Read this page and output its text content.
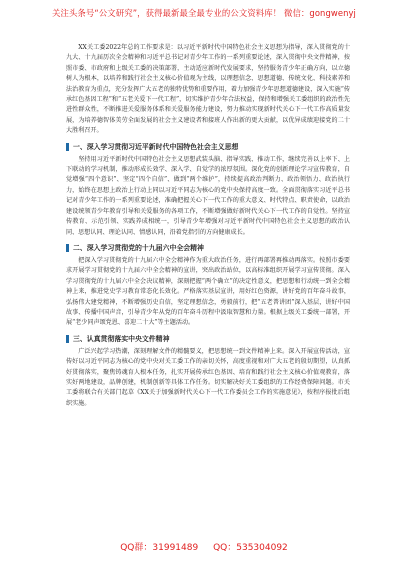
关注头条号“公文研究”，获得最新最全最专业的公文资料库！ 微信：gongwenyj

XX关工委2022年总的工作要求是：以习近平新时代中国特色社会主义思想为指导，深入贯彻党的十九大、十九届历次全会精神和习近平总书记对青少年工作的一系列重要论述，深入贯彻中央文件精神，按照市委、市政府和上级关工委的决策部署，主动适应新时代发展要求，坚持服务青少年正确方向，以立德树人为根本，以培养和践行社会主义核心价值观为主线，以理想信念、思想道德、传统文化、科技素养和法治教育为重点，充分发挥广大五老的独特优势和重要作用，着力加强青少年思想道德建设，深入实施“传承红色基因工程”和“五老关爱下一代工程”，切实维护青少年合法权益，保持和增强关工委组织的政治性先进性群众性，不断推进关爱服务体系和关爱服务能力建设，努力推动实现新时代关心下一代工作高质量发展，为培养德智体美劳全面发展的社会主义建设者和接班人作出新的更大贡献，以优异成绩迎接党的二十大胜利召开。

一、深入学习贯彻习近平新时代中国特色社会主义思想

坚持用习近平新时代中国特色社会主义思想武装头脑、指导实践、推动工作，继续完善以上率下、上下联动的学习机制，推动形成长效学、深入学、自觉学的浓厚氛围。深化党的创新理论学习宣传教育，自觉增强“四个意识”、坚定“四个自信”、做到“两个维护”，持续提高政治判断力、政治领悟力、政治执行力，始终在思想上政治上行动上同以习近平同志为核心的党中央保持高度一致。全面贯彻落实习近平总书记对青少年工作的一系列重要论述，准确把握关心下一代工作的重大意义、时代特点、职责使命，以政治建设统领青少年教育引导和关爱服务的各项工作，不断增强做好新时代关心下一代工作的自觉性。坚持宣传教育、示范引领、实践养成相统一，引导青少年增强对习近平新时代中国特色社会主义思想的政治认同、思想认同、理论认同、情感认同，沿着党指引的方向健康成长。

二、深入学习贯彻党的十九届六中全会精神

把深入学习贯彻党的十九届六中全会精神作为重大政治任务，进行再部署再推动再落实。按照市委要求开展学习贯彻党的十九届六中全会精神的宣讲，突出政治站位，以高标准组织开展学习宣传贯彻。深入学习贯彻党的十九届六中全会决议精神，深刻把握“两个确立”的决定性意义，把思想和行动统一到全会精神上来，推进党史学习教育常态化长效化。严格落实基层宣讲，用好红色资源，讲好党的百年奋斗故事，弘扬伟大建党精神，不断增强历史自信，坚定理想信念，勇毅前行，把“五老普讲团”深入基层，讲好中国故事、传播中国声音，引导青少年从党的百年奋斗历程中汲取智慧和力量。根据上级关工委统一部署，开展“老少同声颂党恩、喜迎二十大”等主题活动。

三、认真贯彻落实中央文件精神

广泛兴起学习热潮，深刻理解文件的精髓要义，把思想统一到文件精神上来。深入开展宣传活动，宣传好以习近平同志为核心的党中央对关工委工作的亲切关怀，高度重视和对广大五老的殷切期望，认真抓好贯彻落实，聚焦铸魂育人根本任务，扎实开展传承红色基因、培育和践行社会主义核心价值观教育，落实好两地建设，品牌创建，机制创新等具体工作任务。切实解决好关工委组织的工作经费保障问题。市关工委将联合有关部门起草《XX关于加强新时代关心下一代工作委员会工作的实施意见》，按程序报批后组织实施。

QQ群：31991489 QQ：535304092
